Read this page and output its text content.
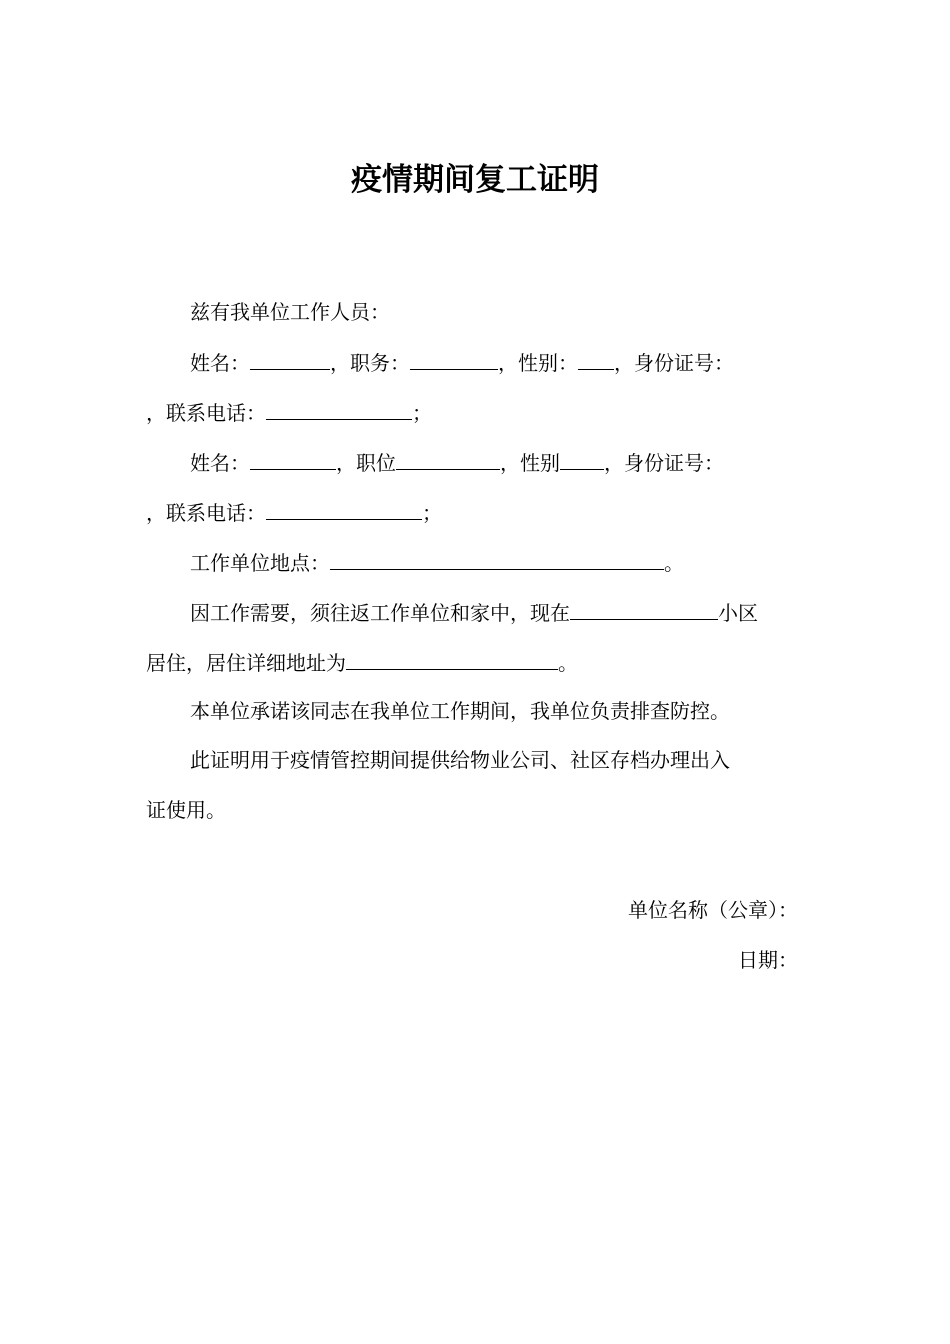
疫情期间复工证明
兹有我单位工作人员：
姓名：	，职务：	，性别： ，身份证号：
，联系电话：	；
姓名：	，职位	，性别 ，身份证号：
，联系电话：	；
工作单位地点：	。
因工作需要，须往返工作单位和家中，现在	小区
居住，居住详细地址为	。
本单位承诺该同志在我单位工作期间，我单位负责排查防控。
此证明用于疫情管控期间提供给物业公司、社区存档办理出入
证使用。
单位名称（公章）：
日期：
